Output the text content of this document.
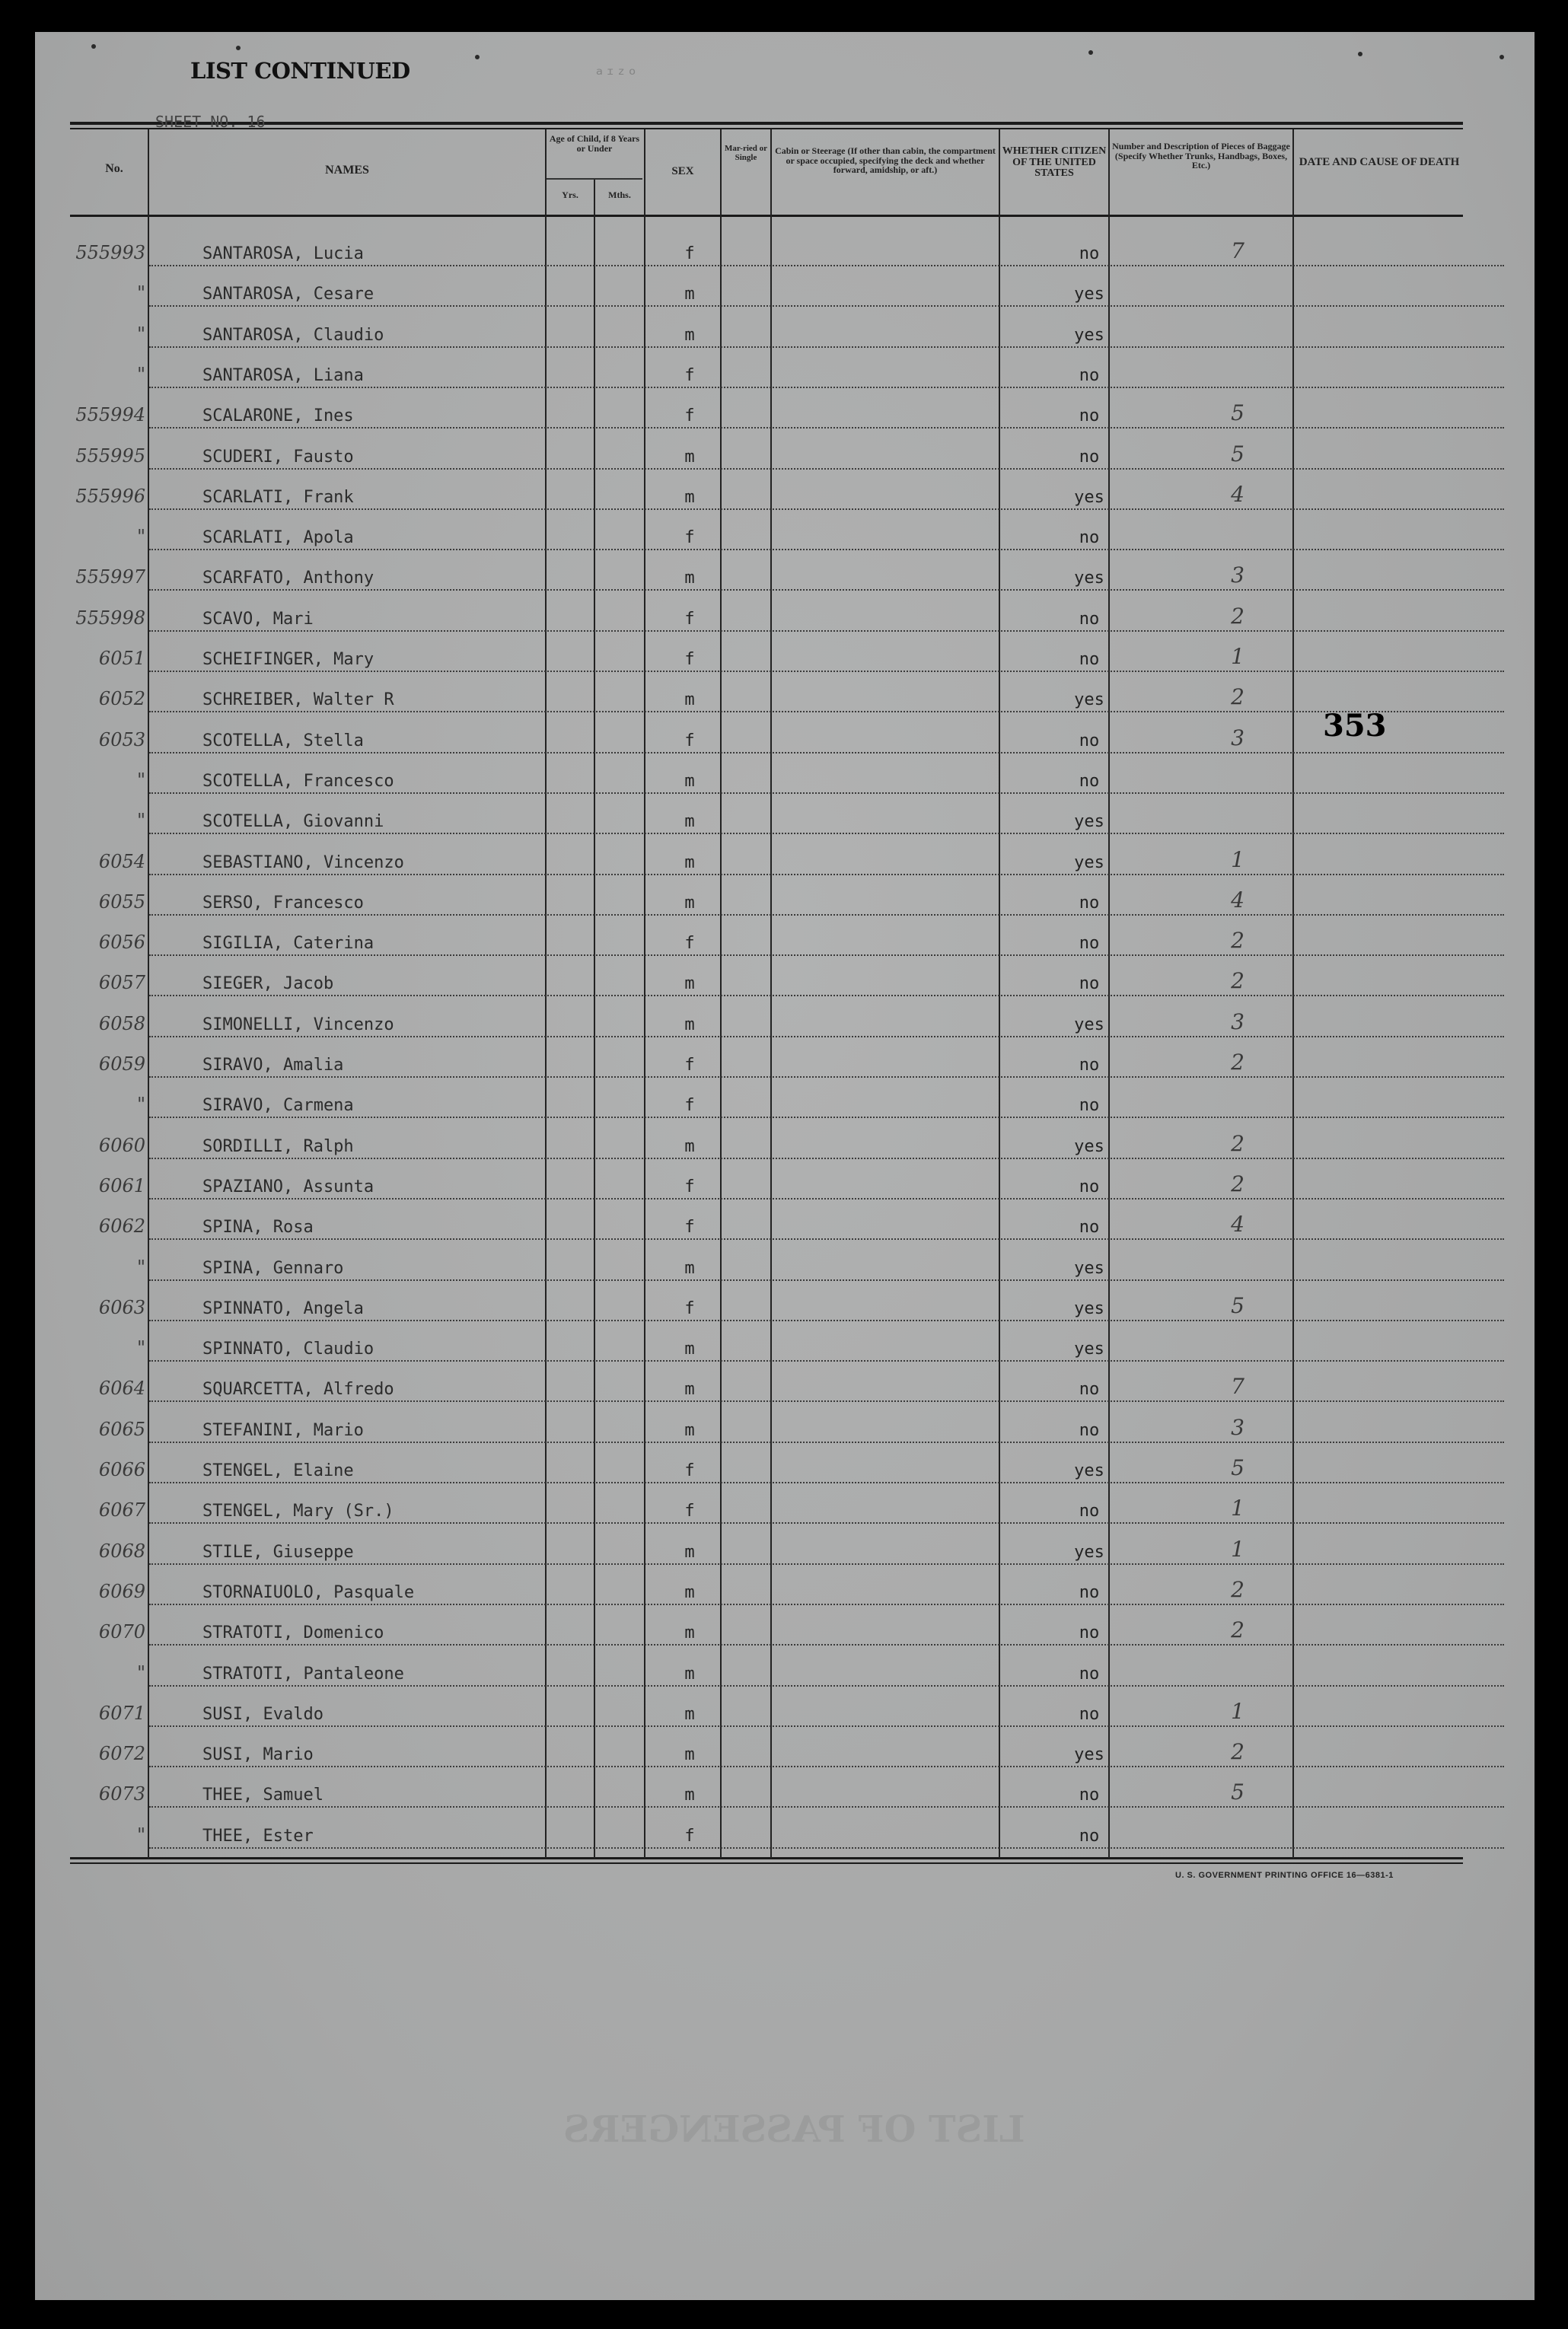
LIST CONTINUED	ᵃᶦᶻᵒ
No.
SHEET NO. 16
NAMES
Age of Child, if 8 Years or Under
Yrs.	Mths.
SEX
Mar-ried or Single
Cabin or Steerage (If other than cabin, the compartment or space occupied, specifying the deck and whether forward, amidship, or aft.)
WHETHER CITIZEN OF THE UNITED STATES
Number and Description of Pieces of Baggage (Specify Whether Trunks, Handbags, Boxes, Etc.)	DATE AND CAUSE OF DEATH
555993	SANTAROSA, Lucia	f	no	7
"	SANTAROSA, Cesare	m	yes
"	SANTAROSA, Claudio	m	yes
"	SANTAROSA, Liana	f	no
555994	SCALARONE, Ines	f	no	5
555995	SCUDERI, Fausto	m	no	5
555996	SCARLATI, Frank	m	yes	4
"	SCARLATI, Apola	f	no
555997	SCARFATO, Anthony	m	yes	3
555998	SCAVO, Mari	f	no	2
6051	SCHEIFINGER, Mary	f	no	1
6052	SCHREIBER, Walter R	m	yes	2
6053	SCOTELLA, Stella	f	no	3
"	SCOTELLA, Francesco	m	no
"	SCOTELLA, Giovanni	m	yes
6054	SEBASTIANO, Vincenzo	m	yes	1
6055	SERSO, Francesco	m	no	4
6056	SIGILIA, Caterina	f	no	2
6057	SIEGER, Jacob	m	no	2
6058	SIMONELLI, Vincenzo	m	yes	3
6059	SIRAVO, Amalia	f	no	2
"	SIRAVO, Carmena	f	no
6060	SORDILLI, Ralph	m	yes	2
6061	SPAZIANO, Assunta	f	no	2
6062	SPINA, Rosa	f	no	4
"	SPINA, Gennaro	m	yes
6063	SPINNATO, Angela	f	yes	5
"	SPINNATO, Claudio	m	yes
6064	SQUARCETTA, Alfredo	m	no	7
6065	STEFANINI, Mario	m	no	3
6066	STENGEL, Elaine	f	yes	5
6067	STENGEL, Mary (Sr.)	f	no	1
6068	STILE, Giuseppe	m	yes	1
6069	STORNAIUOLO, Pasquale	m	no	2
6070	STRATOTI, Domenico	m	no	2
"	STRATOTI, Pantaleone	m	no
6071	SUSI, Evaldo	m	no	1
6072	SUSI, Mario	m	yes	2
6073	THEE, Samuel	m	no	5
"	THEE, Ester	f	no
353
U. S. GOVERNMENT PRINTING OFFICE 16—6381-1
LIST OF PASSENGERS
